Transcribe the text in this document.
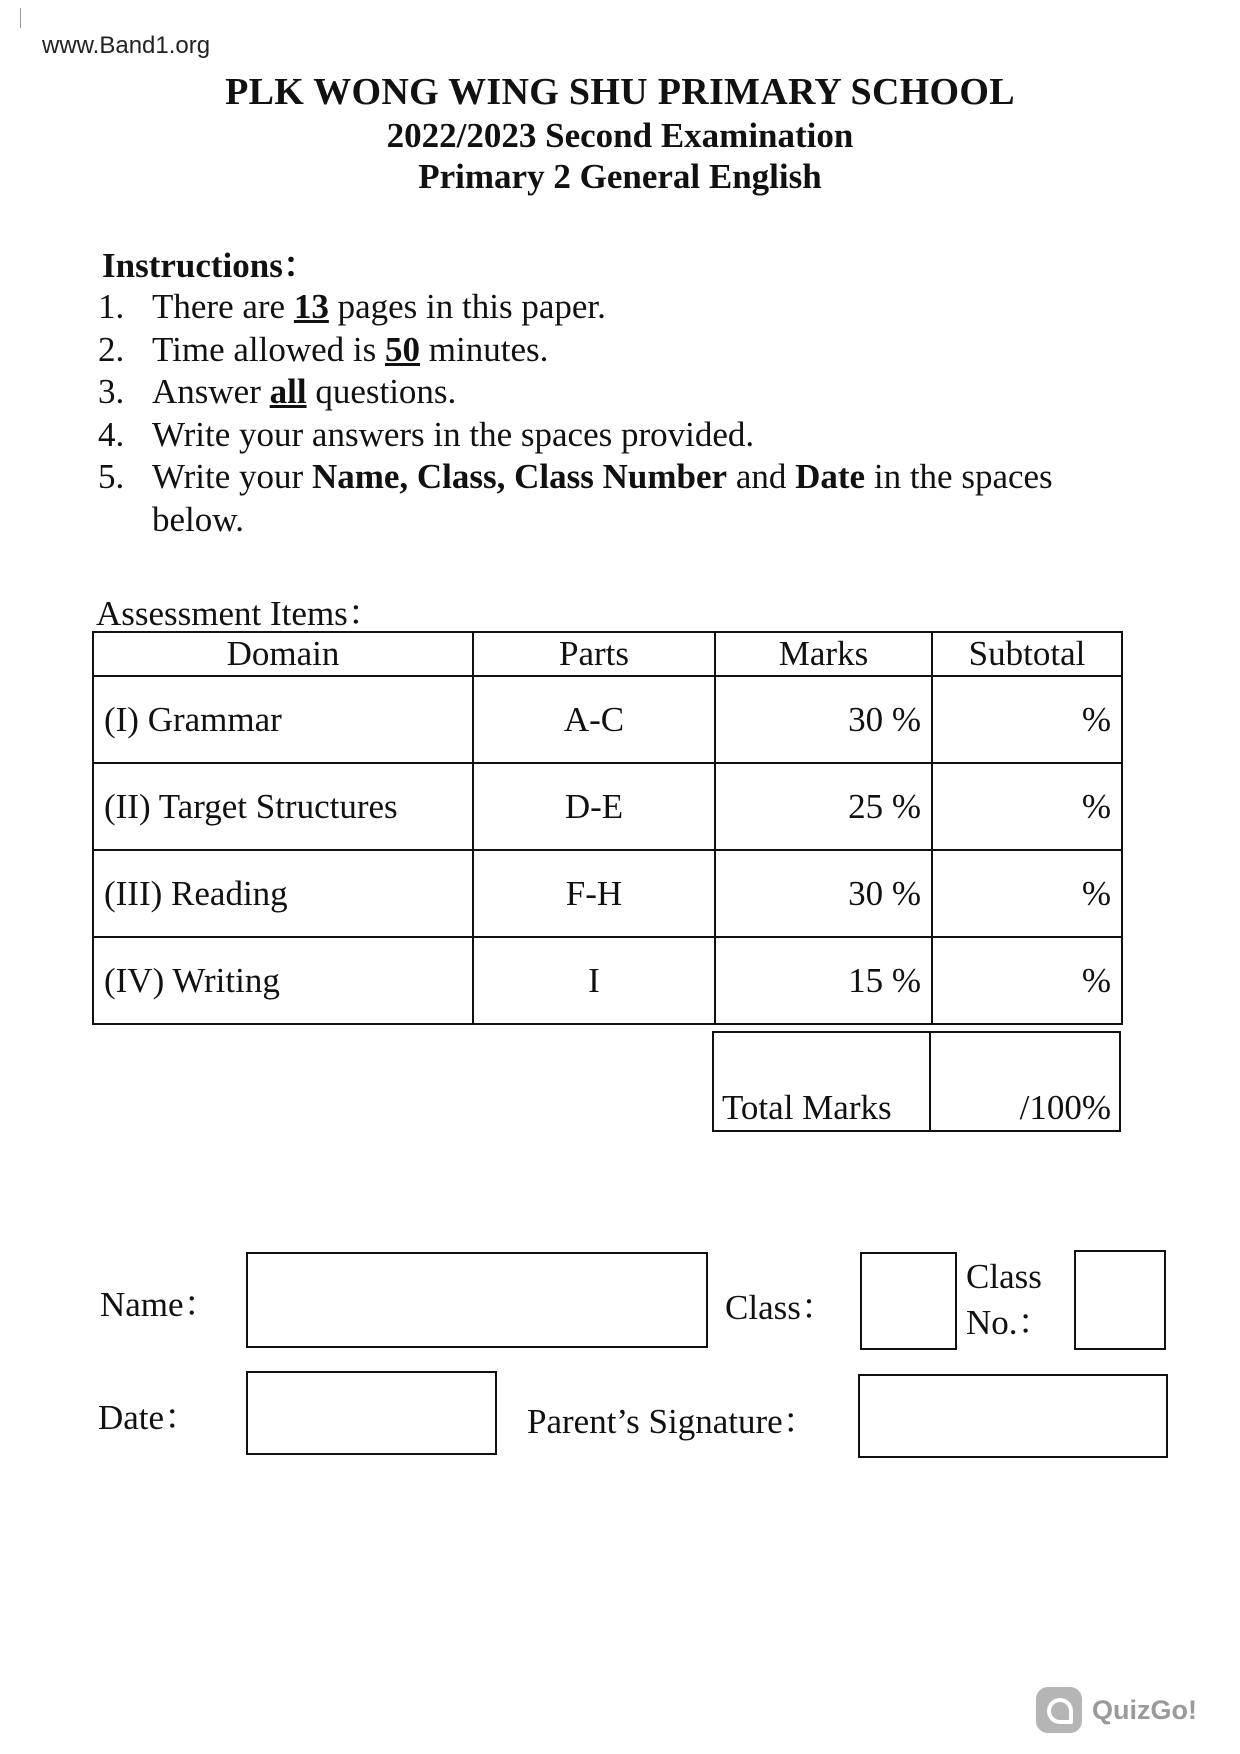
www.Band1.org
PLK WONG WING SHU PRIMARY SCHOOL
2022/2023 Second Examination
Primary 2 General English
Instructions：
1. There are 13 pages in this paper.
2. Time allowed is 50 minutes.
3. Answer all questions.
4. Write your answers in the spaces provided.
5. Write your Name, Class, Class Number and Date in the spaces below.
Assessment Items：
Domain	Parts	Marks	Subtotal
(I) Grammar	A-C	30 %	%
(II) Target Structures	D-E	25 %	%
(III) Reading	F-H	30 %	%
(IV) Writing	I	15 %	%
Total Marks	/100%
Name：	Class：
Class
No.：
Date：	Parent’s Signature：
QuizGo!
